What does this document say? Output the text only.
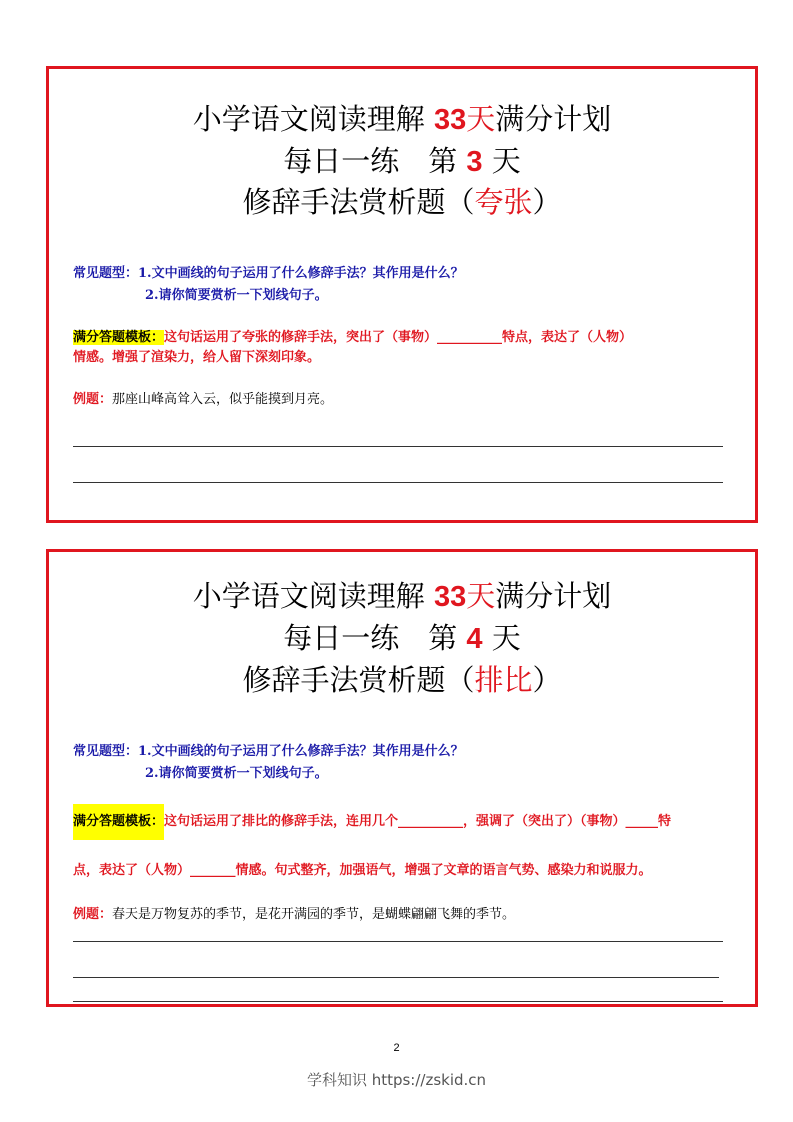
小学语文阅读理解 33天满分计划
每日一练　第 3 天
修辞手法赏析题（夸张）
常见题型：1.文中画线的句子运用了什么修辞手法？其作用是什么？
2.请你简要赏析一下划线句子。
满分答题模板：这句话运用了夸张的修辞手法，突出了（事物）__________特点，表达了（人物）
情感。增强了渲染力，给人留下深刻印象。
例题：那座山峰高耸入云，似乎能摸到月亮。
小学语文阅读理解 33天满分计划
每日一练　第 4 天
修辞手法赏析题（排比）
常见题型：1.文中画线的句子运用了什么修辞手法？其作用是什么？
2.请你简要赏析一下划线句子。
满分答题模板：这句话运用了排比的修辞手法，连用几个__________，强调了（突出了）（事物）_____特
点，表达了（人物）_______情感。句式整齐，加强语气，增强了文章的语言气势、感染力和说服力。
例题：春天是万物复苏的季节，是花开满园的季节，是蝴蝶翩翩飞舞的季节。
2
学科知识 https://zskid.cn
